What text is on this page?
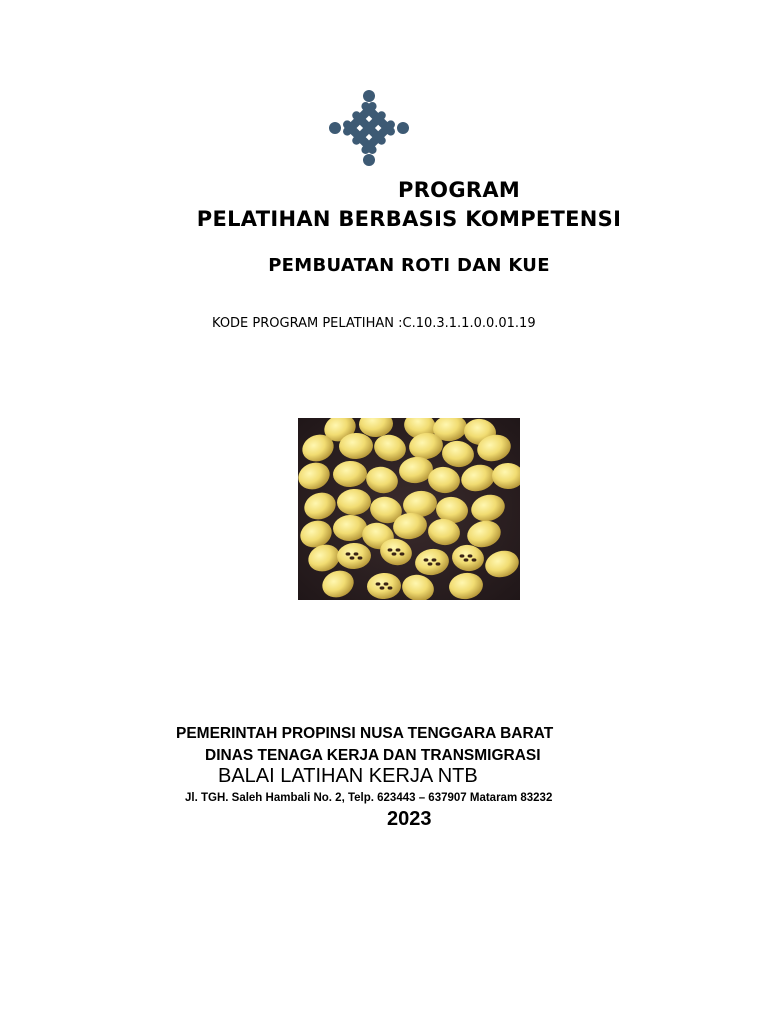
PROGRAM
PELATIHAN BERBASIS KOMPETENSI
PEMBUATAN ROTI DAN KUE
KODE PROGRAM PELATIHAN :C.10.3.1.1.0.0.01.19
PEMERINTAH PROPINSI NUSA TENGGARA BARAT
DINAS TENAGA KERJA DAN TRANSMIGRASI
BALAI LATIHAN KERJA NTB
Jl. TGH. Saleh Hambali No. 2, Telp. 623443 – 637907 Mataram 83232
2023
